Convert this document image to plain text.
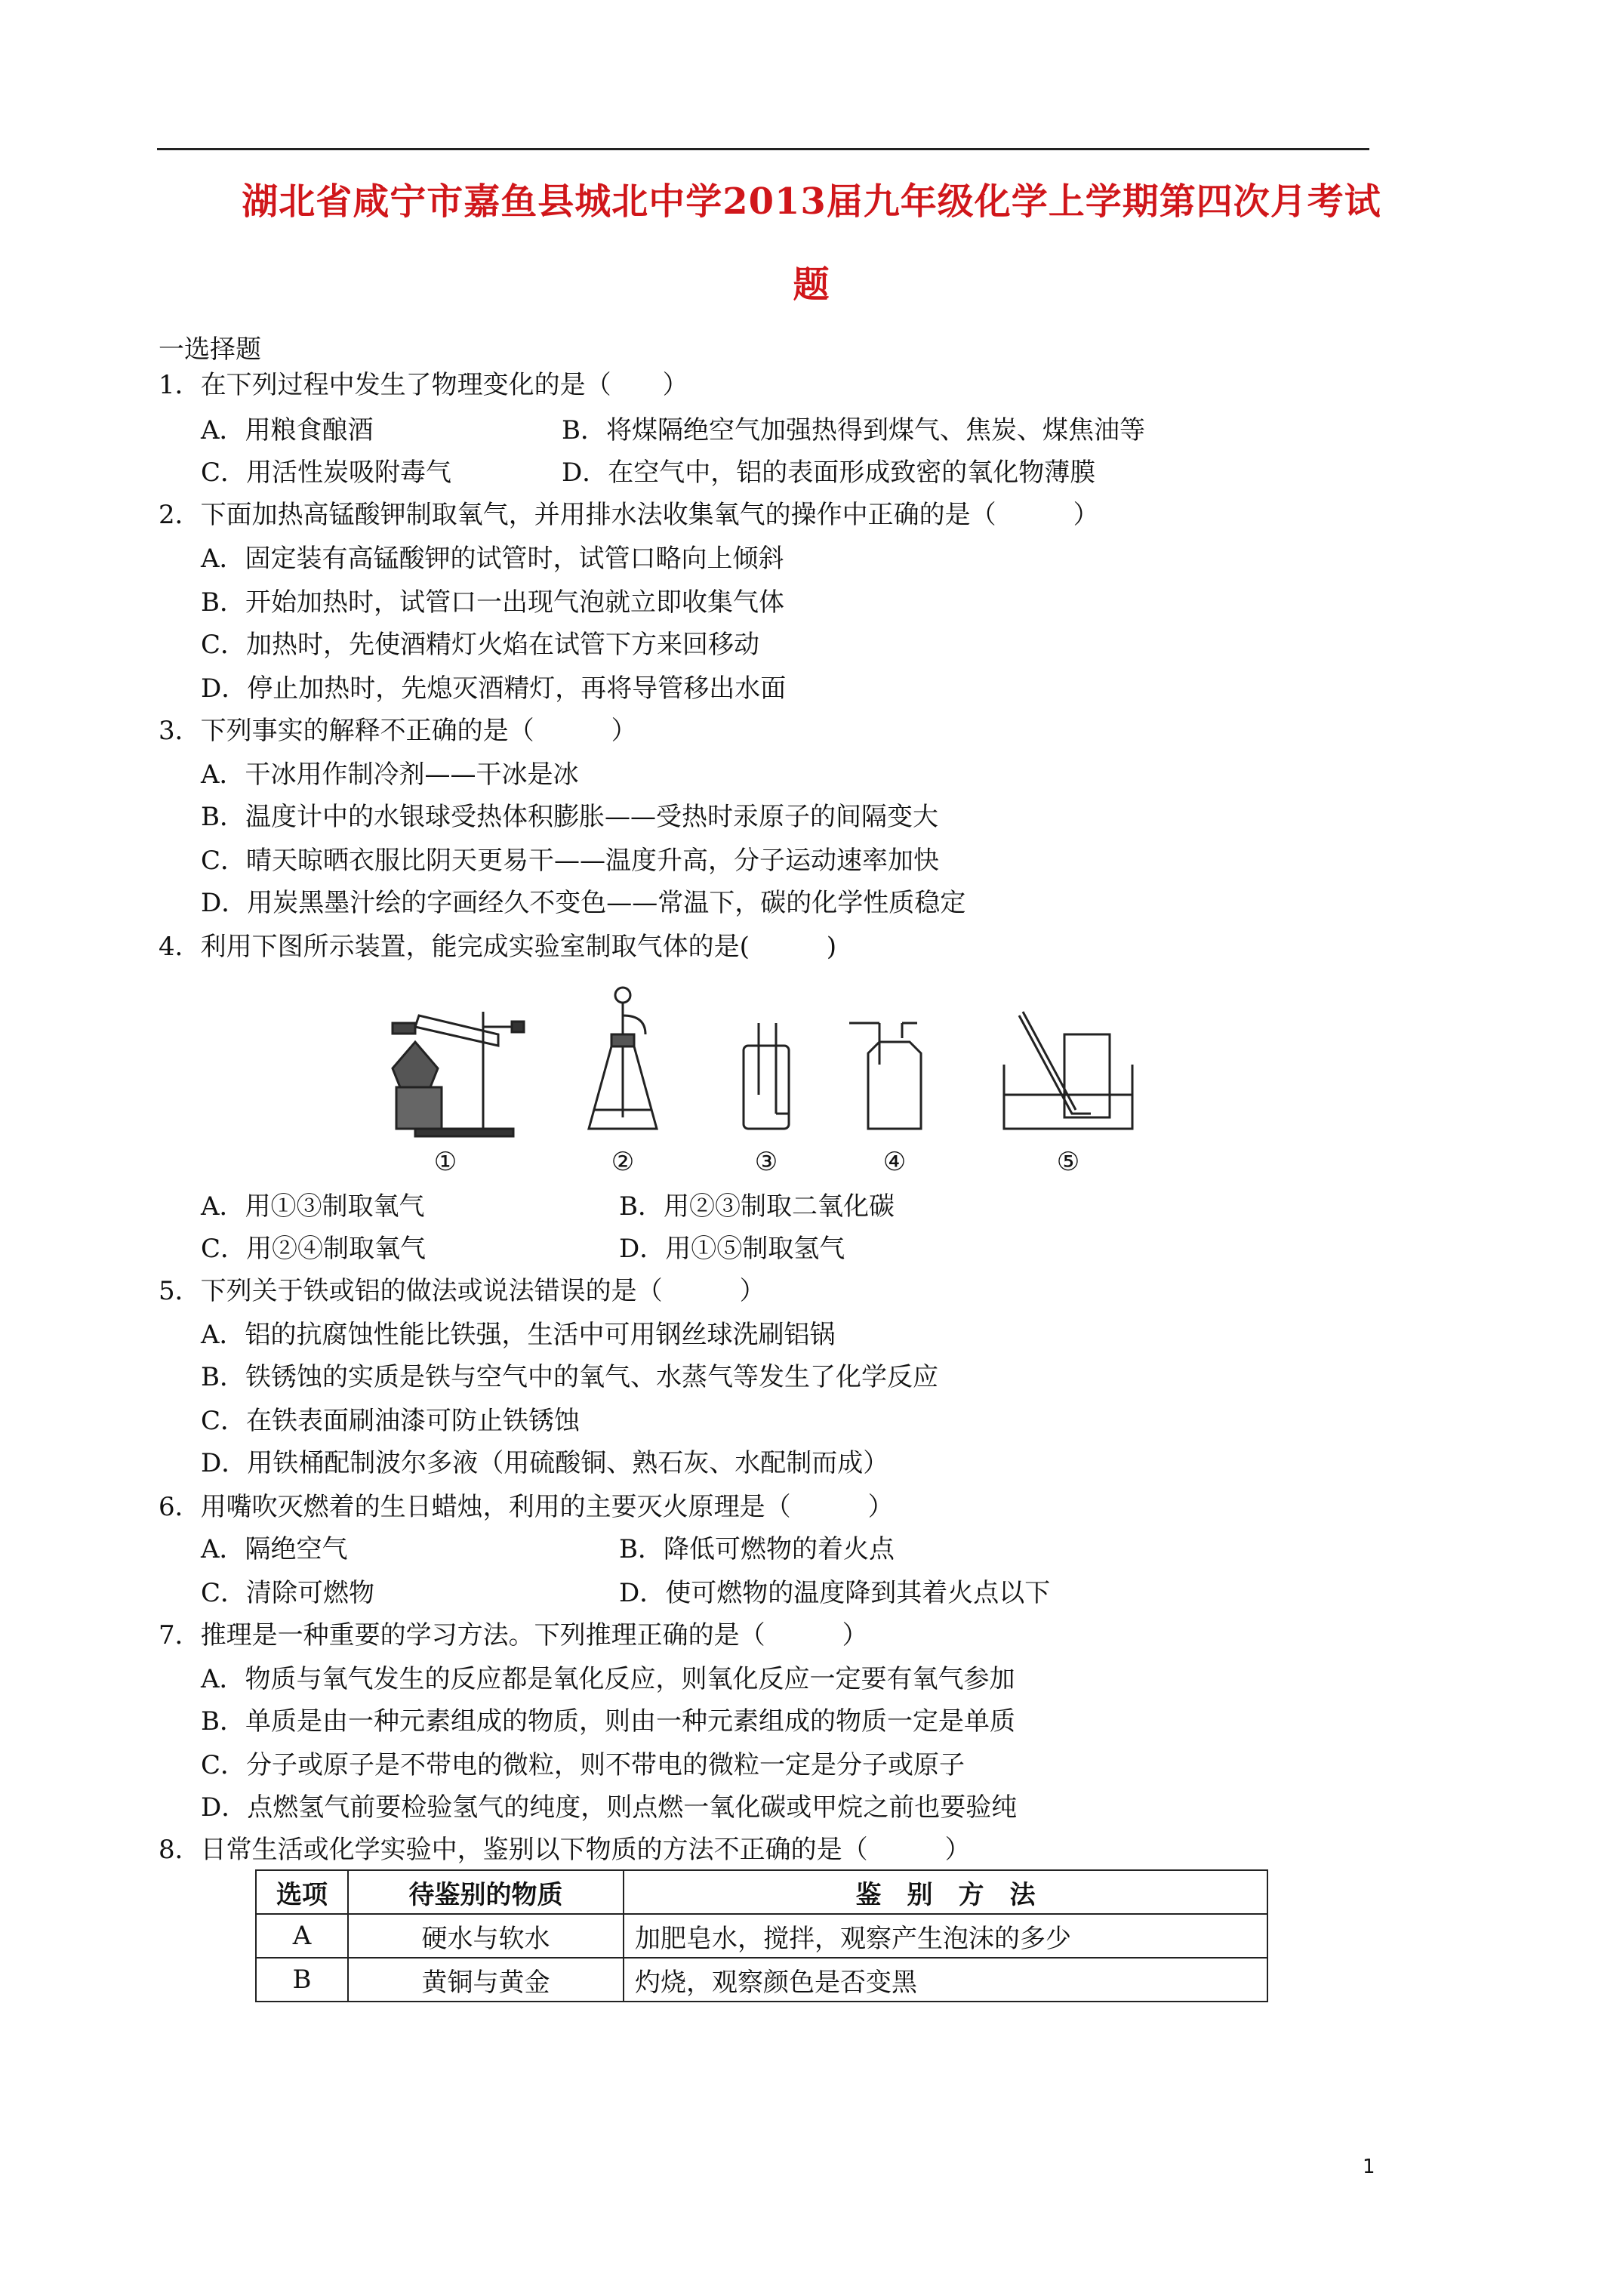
湖北省咸宁市嘉鱼县城北中学2013届九年级化学上学期第四次月考试
题
一选择题
1．在下列过程中发生了物理变化的是（　　）
A．用粮食酿酒	B．将煤隔绝空气加强热得到煤气、焦炭、煤焦油等
C．用活性炭吸附毒气	D．在空气中，铝的表面形成致密的氧化物薄膜
2．下面加热高锰酸钾制取氧气，并用排水法收集氧气的操作中正确的是（　　　）
A．固定装有高锰酸钾的试管时，试管口略向上倾斜
B．开始加热时，试管口一出现气泡就立即收集气体
C．加热时，先使酒精灯火焰在试管下方来回移动
D．停止加热时，先熄灭酒精灯，再将导管移出水面
3．下列事实的解释不正确的是（　　　）
A．干冰用作制冷剂——干冰是冰
B．温度计中的水银球受热体积膨胀——受热时汞原子的间隔变大
C．晴天晾晒衣服比阴天更易干——温度升高，分子运动速率加快
D．用炭黑墨汁绘的字画经久不变色——常温下，碳的化学性质稳定
4．利用下图所示装置，能完成实验室制取气体的是(　　　)
①	②	③	④	⑤
A．用①③制取氧气	B．用②③制取二氧化碳
C．用②④制取氧气	D．用①⑤制取氢气
5．下列关于铁或铝的做法或说法错误的是（　　　）
A．铝的抗腐蚀性能比铁强，生活中可用钢丝球洗刷铝锅
B．铁锈蚀的实质是铁与空气中的氧气、水蒸气等发生了化学反应
C．在铁表面刷油漆可防止铁锈蚀
D．用铁桶配制波尔多液（用硫酸铜、熟石灰、水配制而成）
6．用嘴吹灭燃着的生日蜡烛，利用的主要灭火原理是（　　　）
A．隔绝空气	B．降低可燃物的着火点
C．清除可燃物	D．使可燃物的温度降到其着火点以下
7．推理是一种重要的学习方法。下列推理正确的是（　　　）
A．物质与氧气发生的反应都是氧化反应，则氧化反应一定要有氧气参加
B．单质是由一种元素组成的物质，则由一种元素组成的物质一定是单质
C．分子或原子是不带电的微粒，则不带电的微粒一定是分子或原子
D．点燃氢气前要检验氢气的纯度，则点燃一氧化碳或甲烷之前也要验纯
8．日常生活或化学实验中，鉴别以下物质的方法不正确的是（　　　）
选项	待鉴别的物质	鉴　别　方　法
A	硬水与软水	加肥皂水，搅拌，观察产生泡沫的多少
B	黄铜与黄金	灼烧，观察颜色是否变黑
1
